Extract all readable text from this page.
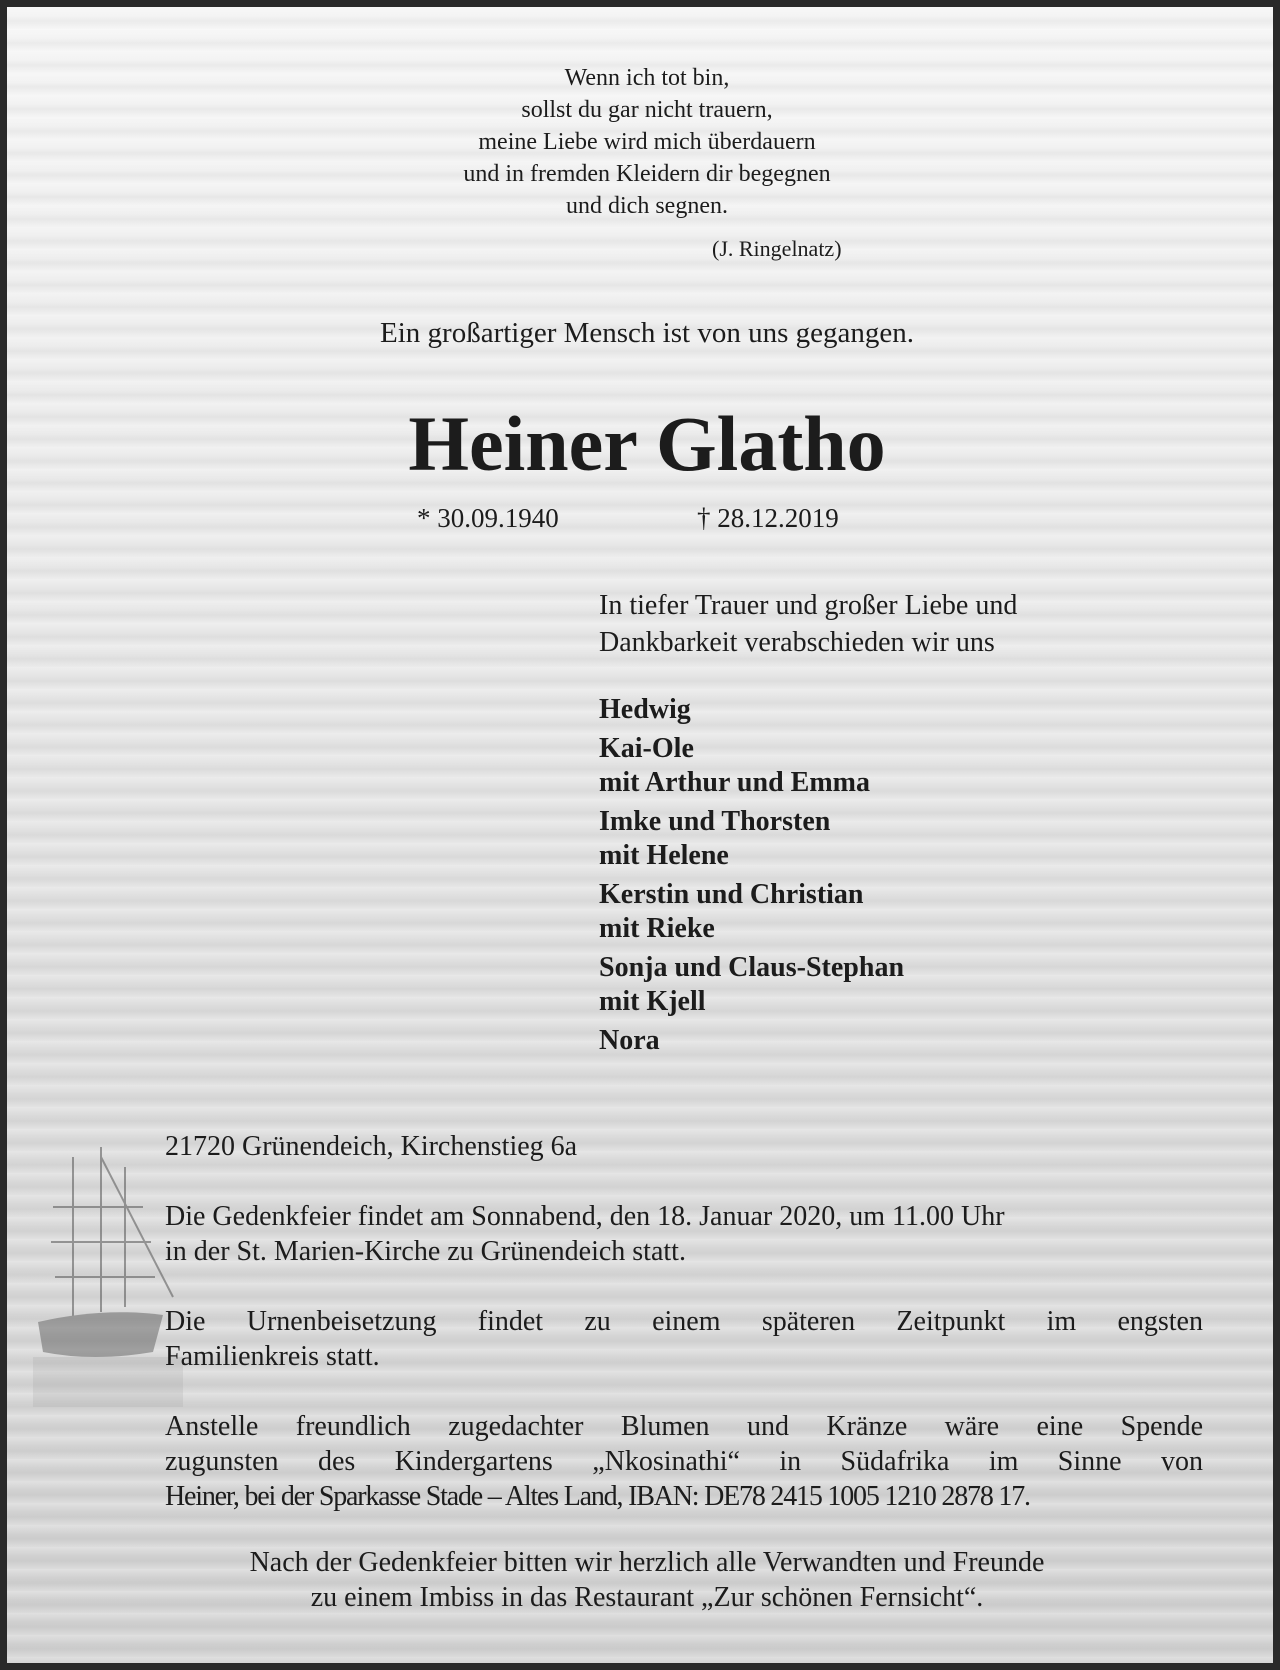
Wenn ich tot bin,
sollst du gar nicht trauern,
meine Liebe wird mich überdauern
und in fremden Kleidern dir begegnen
und dich segnen.
(J. Ringelnatz)
Ein großartiger Mensch ist von uns gegangen.
Heiner Glatho
* 30.09.1940	† 28.12.2019
In tiefer Trauer und großer Liebe und
Dankbarkeit verabschieden wir uns
Hedwig
Kai-Ole
mit Arthur und Emma
Imke und Thorsten
mit Helene
Kerstin und Christian
mit Rieke
Sonja und Claus-Stephan
mit Kjell
Nora
21720 Grünendeich, Kirchenstieg 6a
Die Gedenkfeier findet am Sonnabend, den 18. Januar 2020, um 11.00 Uhr
in der St. Marien-Kirche zu Grünendeich statt.
Die Urnenbeisetzung findet zu einem späteren Zeitpunkt im engsten
Familienkreis statt.
Anstelle freundlich zugedachter Blumen und Kränze wäre eine Spende
zugunsten des Kindergartens „Nkosinathi“ in Südafrika im Sinne von
Heiner, bei der Sparkasse Stade – Altes Land, IBAN: DE78 2415 1005 1210 2878 17.
Nach der Gedenkfeier bitten wir herzlich alle Verwandten und Freunde
zu einem Imbiss in das Restaurant „Zur schönen Fernsicht“.
